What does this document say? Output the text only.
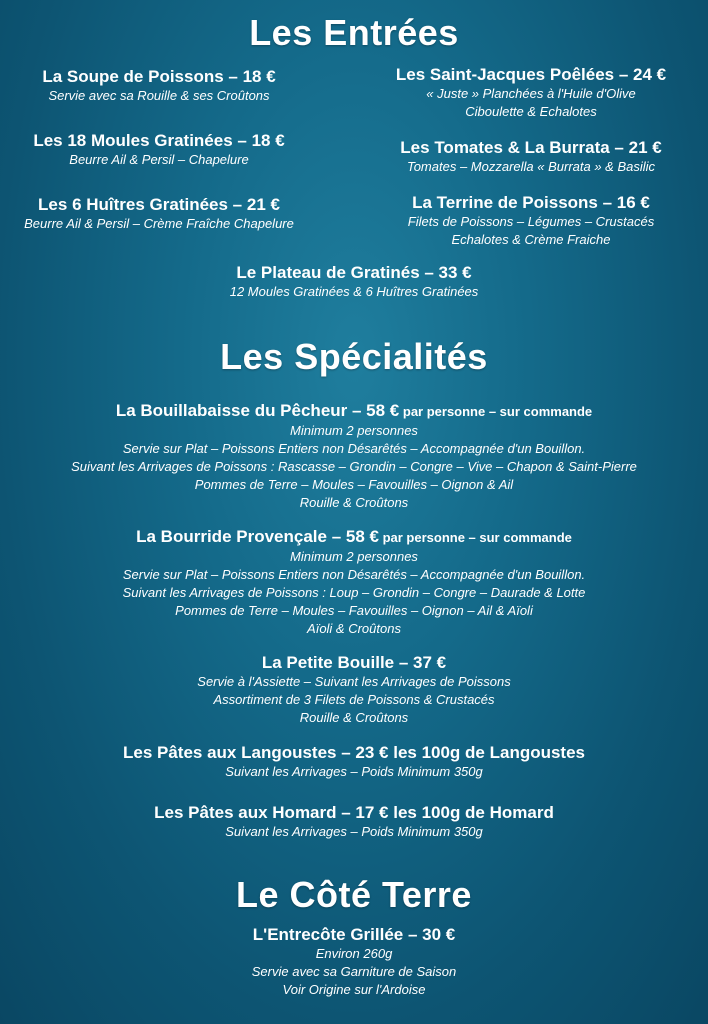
Les Entrées
La Soupe de Poissons – 18 €
Servie avec sa Rouille & ses Croûtons
Les 18 Moules Gratinées – 18 €
Beurre Ail & Persil – Chapelure
Les 6 Huîtres Gratinées – 21 €
Beurre Ail & Persil – Crème Fraîche Chapelure
Les Saint-Jacques Poêlées – 24 €
« Juste » Planchées à l'Huile d'Olive
Ciboulette & Echalotes
Les Tomates & La Burrata – 21 €
Tomates – Mozzarella « Burrata » & Basilic
La Terrine de Poissons – 16 €
Filets de Poissons – Légumes – Crustacés
Echalotes & Crème Fraiche
Le Plateau de Gratinés – 33 €
12 Moules Gratinées & 6 Huîtres Gratinées
Les Spécialités
La Bouillabaisse du Pêcheur – 58 € par personne – sur commande
Minimum 2 personnes
Servie sur Plat – Poissons Entiers non Désarêtés – Accompagnée d'un Bouillon.
Suivant les Arrivages de Poissons : Rascasse – Grondin – Congre – Vive – Chapon & Saint-Pierre
Pommes de Terre – Moules – Favouilles – Oignon & Ail
Rouille & Croûtons
La Bourride Provençale – 58 € par personne – sur commande
Minimum 2 personnes
Servie sur Plat – Poissons Entiers non Désarêtés – Accompagnée d'un Bouillon.
Suivant les Arrivages de Poissons : Loup – Grondin – Congre – Daurade & Lotte
Pommes de Terre – Moules – Favouilles – Oignon – Ail & Aïoli
Aïoli & Croûtons
La Petite Bouille – 37 €
Servie à l'Assiette – Suivant les Arrivages de Poissons
Assortiment de 3 Filets de Poissons & Crustacés
Rouille & Croûtons
Les Pâtes aux Langoustes – 23 € les 100g de Langoustes
Suivant les Arrivages – Poids Minimum 350g
Les Pâtes aux Homard – 17 € les 100g de Homard
Suivant les Arrivages – Poids Minimum 350g
Le Côté Terre
L'Entrecôte Grillée – 30 €
Environ 260g
Servie avec sa Garniture de Saison
Voir Origine sur l'Ardoise
